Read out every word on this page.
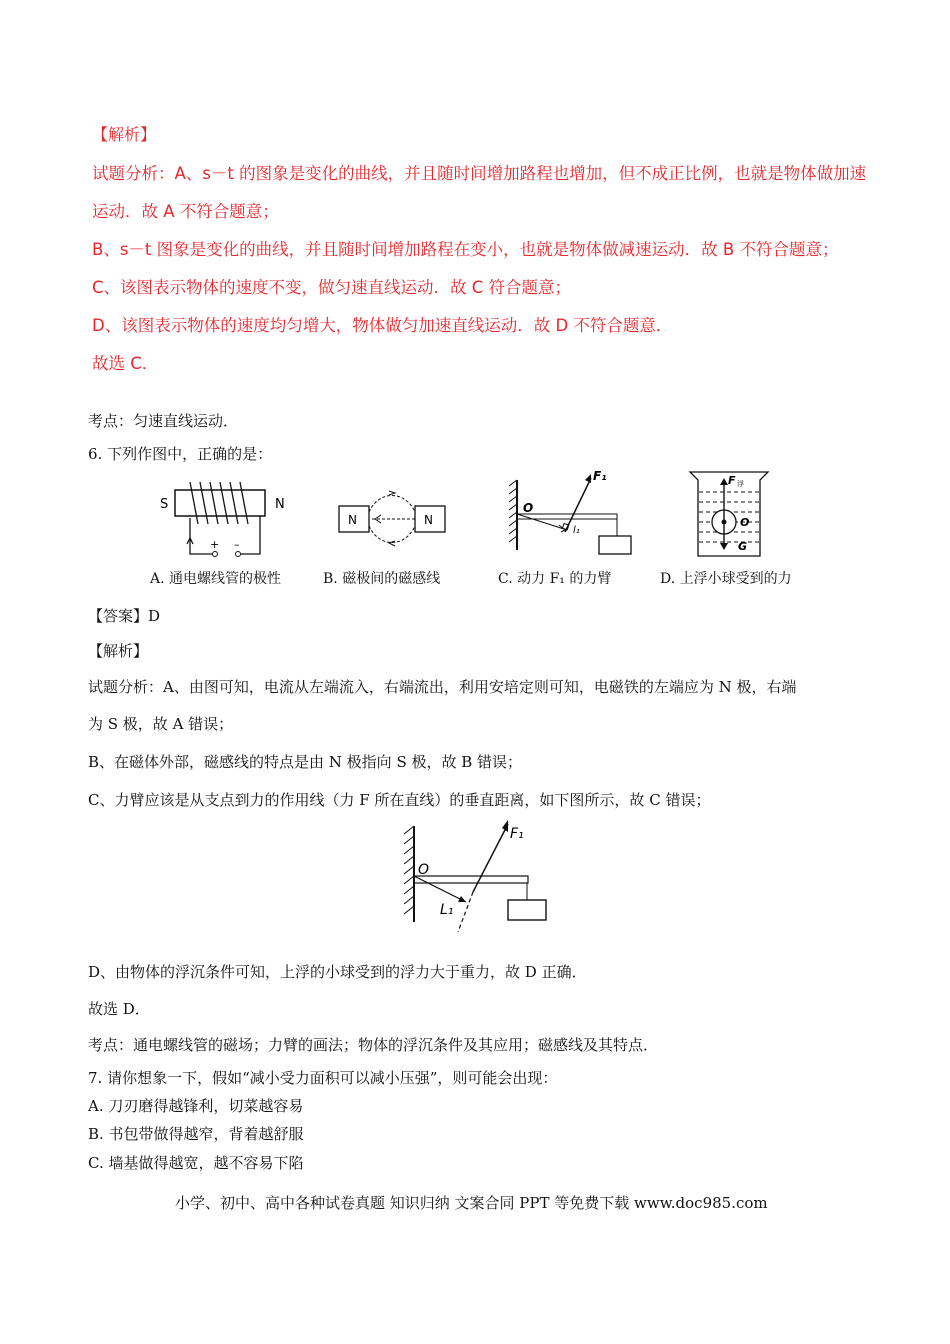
【解析】
试题分析：A、s－t 的图象是变化的曲线，并且随时间增加路程也增加，但不成正比例，也就是物体做加速
运动．故 A 不符合题意；
B、s－t 图象是变化的曲线，并且随时间增加路程在变小，也就是物体做减速运动．故 B 不符合题意；
C、该图表示物体的速度不变，做匀速直线运动．故 C 符合题意；
D、该图表示物体的速度均匀增大，物体做匀加速直线运动．故 D 不符合题意．
故选 C．
考点：匀速直线运动．
6. 下列作图中，正确的是：
S	N
+ –
N	N
O
F₁
l₁
F 浮
O
G
A. 通电螺线管的极性	B. 磁极间的磁感线	C. 动力 F₁ 的力臂	D. 上浮小球受到的力
【答案】D
【解析】
试题分析：A、由图可知，电流从左端流入，右端流出，利用安培定则可知，电磁铁的左端应为 N 极，右端
为 S 极，故 A 错误；
B、在磁体外部，磁感线的特点是由 N 极指向 S 极，故 B 错误；
C、力臂应该是从支点到力的作用线（力 F 所在直线）的垂直距离，如下图所示，故 C 错误；
O
F₁
L₁
D、由物体的浮沉条件可知，上浮的小球受到的浮力大于重力，故 D 正确．
故选 D．
考点：通电螺线管的磁场；力臂的画法；物体的浮沉条件及其应用；磁感线及其特点．
7. 请你想象一下，假如“减小受力面积可以减小压强”，则可能会出现：
A. 刀刃磨得越锋利，切菜越容易
B. 书包带做得越窄，背着越舒服
C. 墙基做得越宽，越不容易下陷
小学、初中、高中各种试卷真题 知识归纳 文案合同 PPT 等免费下载 www.doc985.com
